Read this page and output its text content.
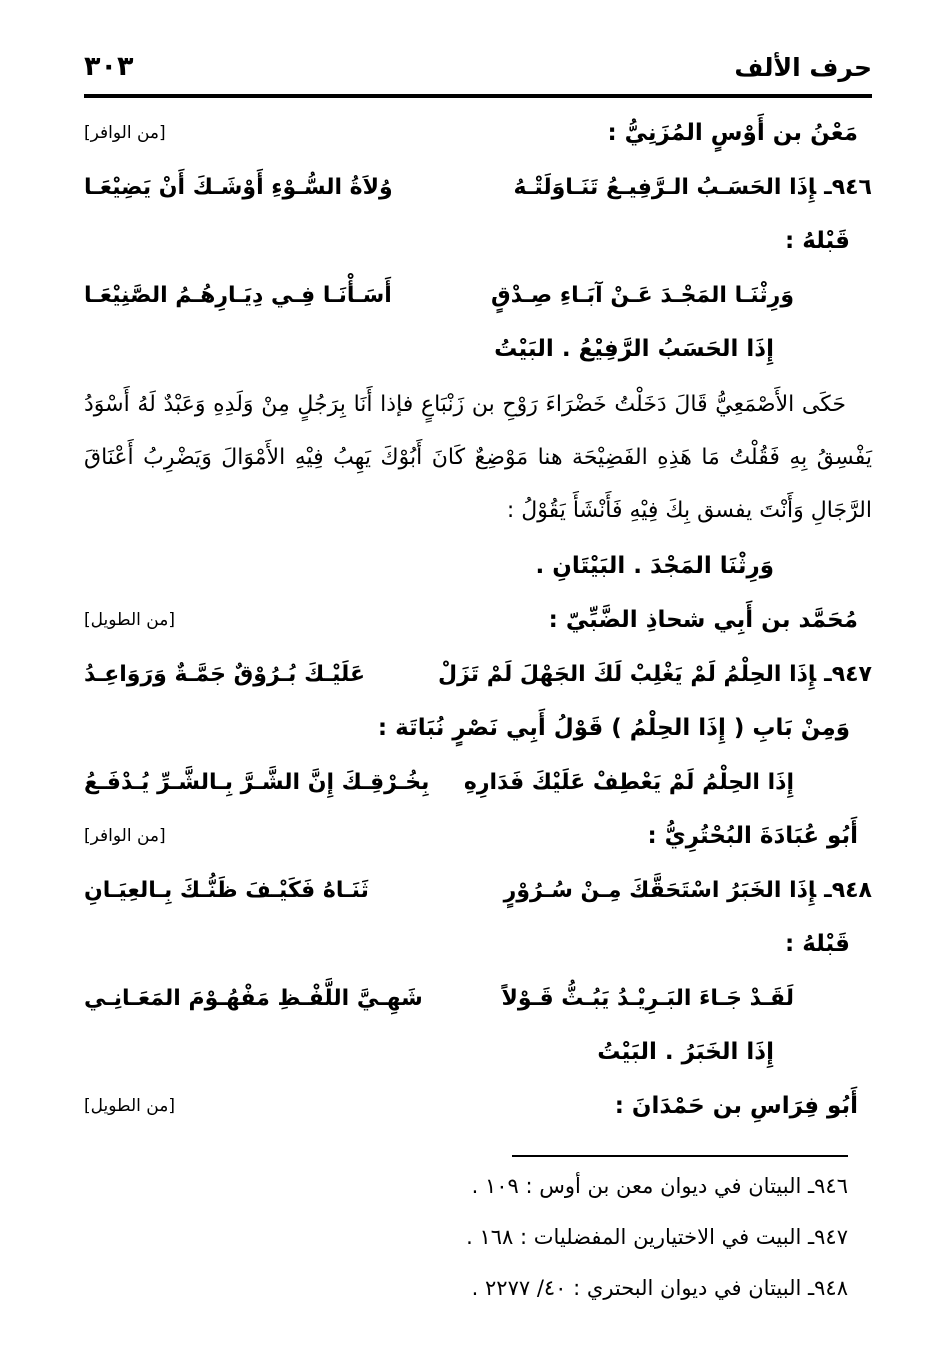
حرف الألف
٣٠٣
مَعْنُ بن أَوْسٍ المُزَنِيُّ :
[من الوافر]
٩٤٦ـإِذَا الحَسَـبُ الـرَّفِيـعُ تَنَـاوَلَتْـهُ
وُلاَةُ السُّـوْءِ أَوْشَـكَ أَنْ يَضِيْعَـا
قَبْلهُ :
وَرِثْنَـا المَجْـدَ عَـنْ آبَـاءِ صِـدْقٍ
أَسَـأْنَـا فِـي دِيَـارِهُـمُ الصَّنِيْعَـا
إِذَا الحَسَبُ الرَّفِيْعُ . البَيْتُ

حَكَى الأَصْمَعِيُّ قَالَ دَخَلْتُ خَضْرَاءَ رَوْحِ بن زَنْبَاعٍ فإذا أَنَا بِرَجُلٍ مِنْ وَلَدِهِ وَعَبْدٌ لَهُ أَسْوَدُ يَفْسِقُ بِهِ فَقُلْتُ مَا هَذِهِ الفَضِيْحَة هنا مَوْضِعٌ كَانَ أَبُوْكَ يَهِبُ فِيْهِ الأَمْوَالَ وَيَضْرِبُ أَعْنَاقَ الرَّجَالِ وَأَنْتَ يفسق بِكَ فِيْهِ فَأَنْشَأَ يَقُوْلُ :

وَرِثْنَا المَجْدَ . البَيْتَانِ .
مُحَمَّد بن أَبِي شحاذِ الضَّبِّيّ :
[من الطويل]
٩٤٧ـإِذَا الحِلْمُ لَمْ يَغْلِبْ لَكَ الجَهْلَ لَمْ تَزَلْ
عَلَيْـكَ بُـرُوْقٌ جَمَّـةٌ وَرَوَاعِـدُ
وَمِنْ بَابِ ( إِذَا الحِلْمُ ) قَوْلُ أَبِي نَصْرٍ نُبَاتَة :
إِذَا الحِلْمُ لَمْ يَعْطِفْ عَلَيْكَ فَدَارِهِ
بِخُـرْقِـكَ إِنَّ الشَّـرَّ بِـالشَّـرِّ يُـدْفَـعُ
أَبُو عُبَادَةَ البُحْتُرِيُّ :
[من الوافر]
٩٤٨ـإِذَا الخَبَرُ اسْتَحَقَّكَ مِـنْ سُـرُوْرٍ
ثَنَـاهُ فَكَيْـفَ ظَنُّـكَ بِـالعِيَـانِ
قَبْلهُ :
لَقَـدْ جَـاءَ البَـرِيْـدُ يَبُـثُّ قَـوْلاً
شَهِـيَّ اللَّفْـظِ مَفْهُـوْمَ المَعَـانِـي
إِذَا الخَبَرُ . البَيْتُ
أَبُو فِرَاسِ بن حَمْدَانَ :
[من الطويل]
٩٤٦ـ البيتان في ديوان معن بن أوس : ١٠٩ .
٩٤٧ـ البيت في الاختيارين المفضليات : ١٦٨ .
٩٤٨ـ البيتان في ديوان البحتري : ٤٠/ ٢٢٧٧ .
